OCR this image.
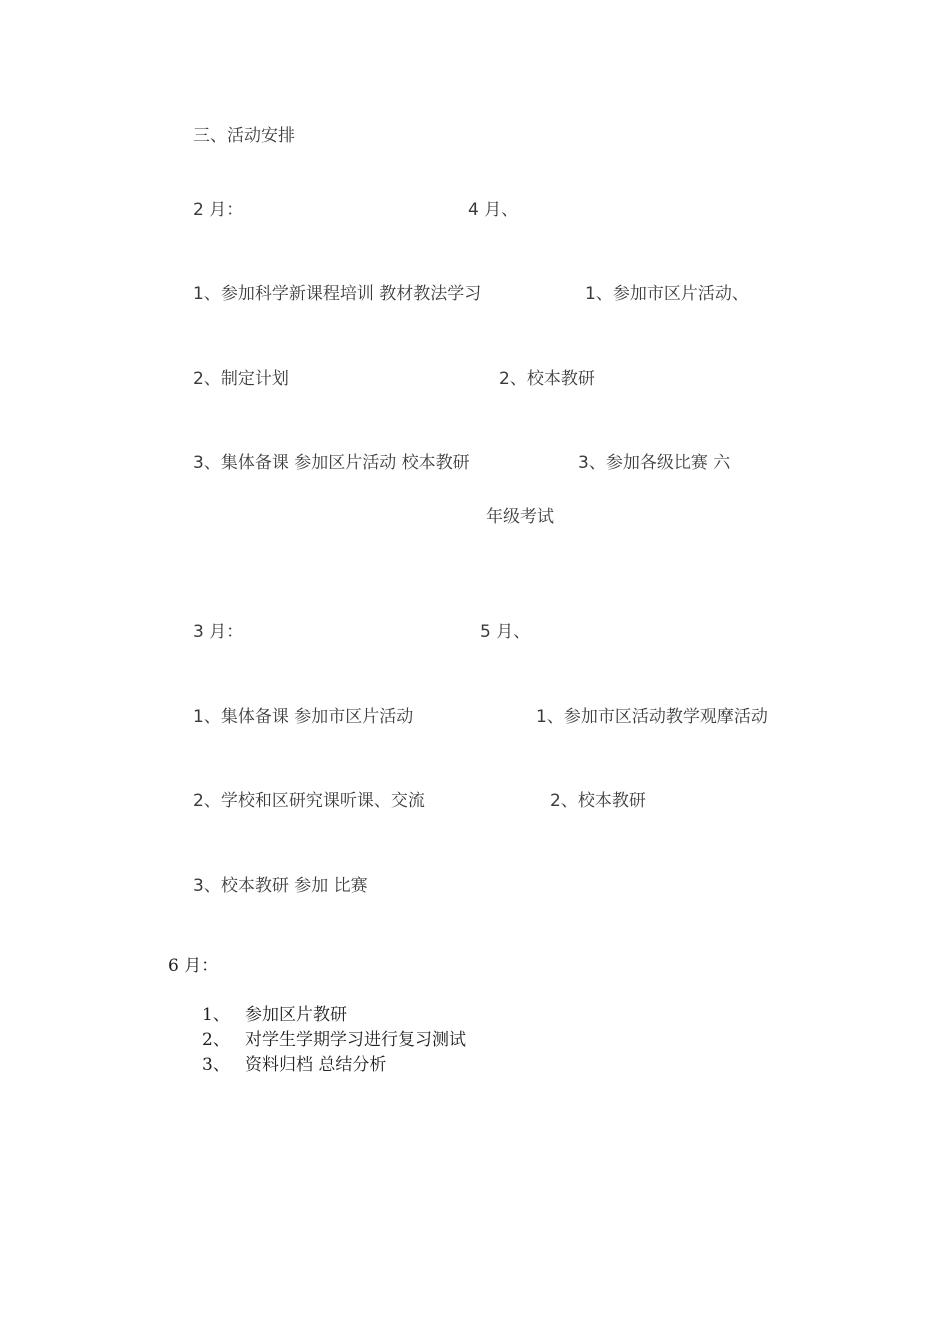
三、活动安排
2 月：	4 月、
1、参加科学新课程培训 教材教法学习	1、参加市区片活动、
2、制定计划	2、校本教研
3、集体备课 参加区片活动 校本教研	3、参加各级比赛 六
年级考试
3 月：	5 月、
1、集体备课 参加市区片活动	1、参加市区活动教学观摩活动
2、学校和区研究课听课、交流	2、校本教研
3、校本教研 参加 比赛
6 月：
1、 参加区片教研
2、 对学生学期学习进行复习测试
3、 资料归档 总结分析
